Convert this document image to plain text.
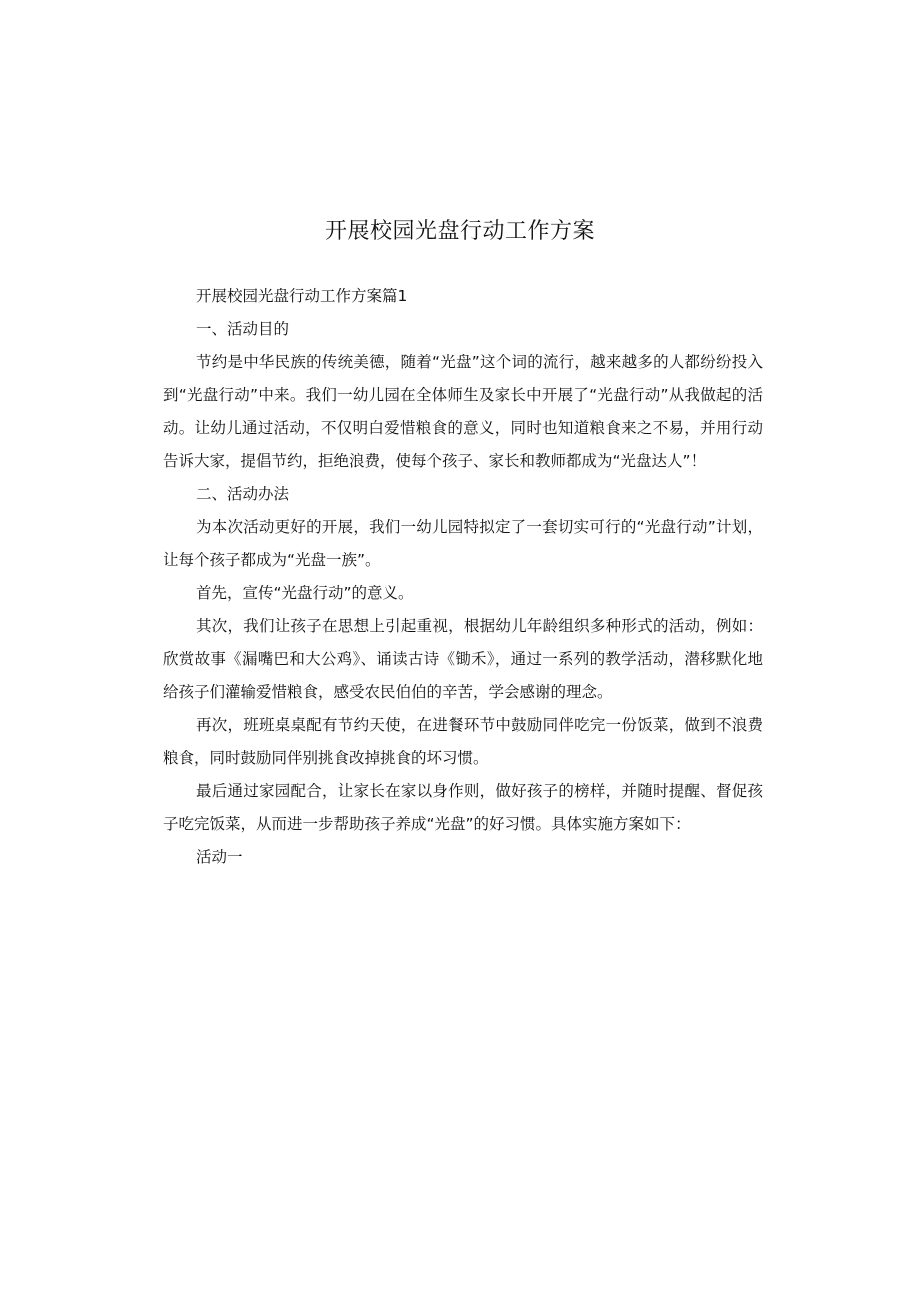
开展校园光盘行动工作方案

开展校园光盘行动工作方案篇1

一、活动目的

节约是中华民族的传统美德，随着“光盘”这个词的流行，越来越多的人都纷纷投入到“光盘行动”中来。我们一幼儿园在全体师生及家长中开展了“光盘行动”从我做起的活动。让幼儿通过活动，不仅明白爱惜粮食的意义，同时也知道粮食来之不易，并用行动告诉大家，提倡节约，拒绝浪费，使每个孩子、家长和教师都成为“光盘达人”！

二、活动办法

为本次活动更好的开展，我们一幼儿园特拟定了一套切实可行的“光盘行动”计划，让每个孩子都成为“光盘一族”。

首先，宣传“光盘行动”的意义。

其次，我们让孩子在思想上引起重视，根据幼儿年龄组织多种形式的活动，例如：欣赏故事《漏嘴巴和大公鸡》、诵读古诗《锄禾》，通过一系列的教学活动，潜移默化地给孩子们灌输爱惜粮食，感受农民伯伯的辛苦，学会感谢的理念。

再次，班班桌桌配有节约天使，在进餐环节中鼓励同伴吃完一份饭菜，做到不浪费粮食，同时鼓励同伴别挑食改掉挑食的坏习惯。

最后通过家园配合，让家长在家以身作则，做好孩子的榜样，并随时提醒、督促孩子吃完饭菜，从而进一步帮助孩子养成“光盘”的好习惯。具体实施方案如下：

活动一
